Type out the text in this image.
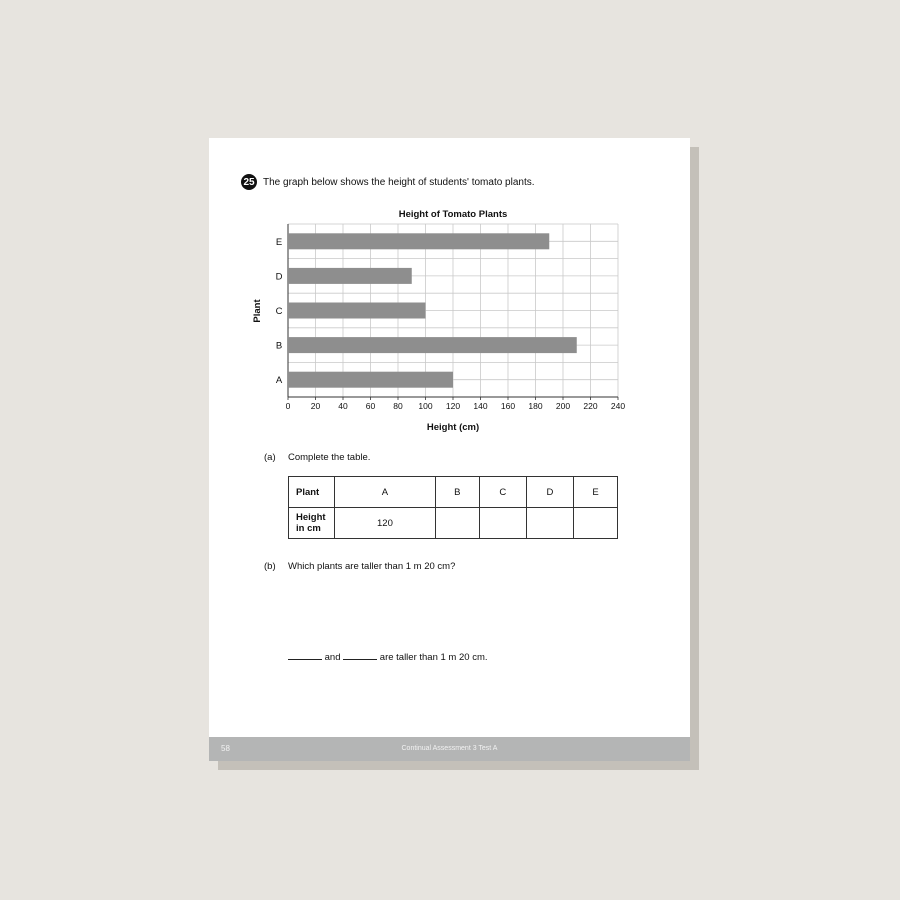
25 The graph below shows the height of students' tomato plants.
Height of Tomato Plants
Plant
Height (cm)
A
B
C
D
E
0 20 40 60 80 100 120 140 160 180 200 220 240
(a) Complete the table.
Plant	A	B	C	D	E
Height
in cm	120				
(b) Which plants are taller than 1 m 20 cm?
and	are taller than 1 m 20 cm.
58	Continual Assessment 3 Test A
